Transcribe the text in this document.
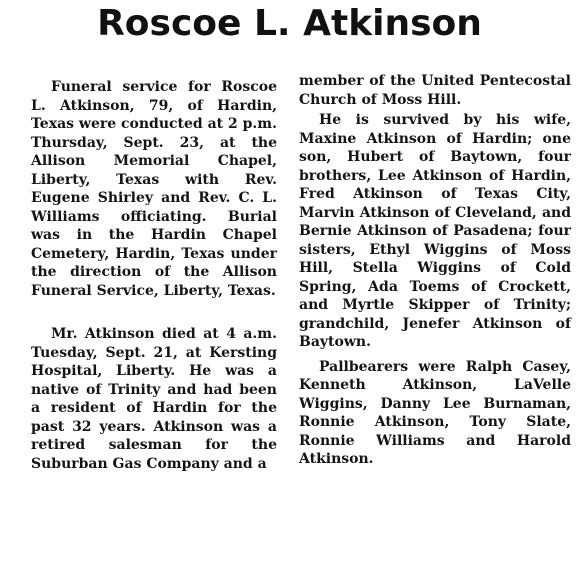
Roscoe L. Atkinson

Funeral service for Roscoe L. Atkinson, 79, of Hardin, Texas were conducted at 2 p.m. Thursday, Sept. 23, at the Allison Memorial Chapel, Liberty, Texas with Rev. Eugene Shirley and Rev. C. L. Williams officiating. Burial was in the Hardin Chapel Cemetery, Hardin, Texas under the direction of the Allison Funeral Service, Liberty, Texas.

Mr. Atkinson died at 4 a.m. Tuesday, Sept. 21, at Kersting Hospital, Liberty. He was a native of Trinity and had been a resident of Hardin for the past 32 years. Atkinson was a retired salesman for the Suburban Gas Company and a

member of the United Pentecostal Church of Moss Hill.

He is survived by his wife, Maxine Atkinson of Hardin; one son, Hubert of Baytown, four brothers, Lee Atkinson of Hardin, Fred Atkinson of Texas City, Marvin Atkinson of Cleveland, and Bernie Atkinson of Pasadena; four sisters, Ethyl Wiggins of Moss Hill, Stella Wiggins of Cold Spring, Ada Toems of Crockett, and Myrtle Skipper of Trinity; grandchild, Jenefer Atkinson of Baytown.

Pallbearers were Ralph Casey, Kenneth Atkinson, LaVelle Wiggins, Danny Lee Burnaman, Ronnie Atkinson, Tony Slate, Ronnie Williams and Harold Atkinson.
